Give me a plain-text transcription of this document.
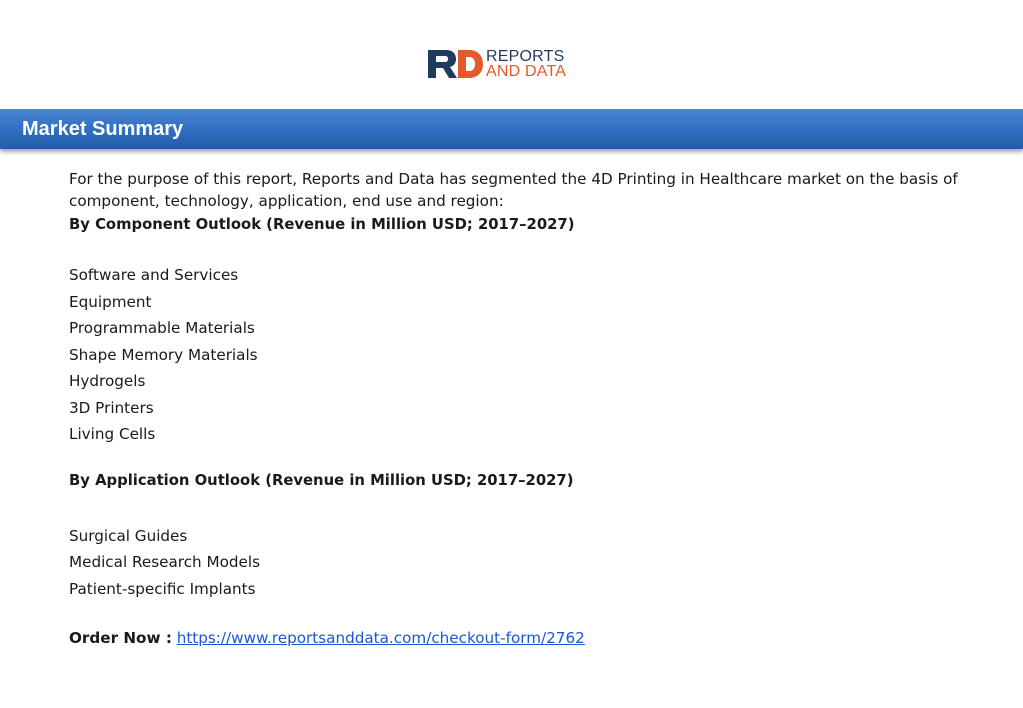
REPORTS
AND DATA
Market Summary

For the purpose of this report, Reports and Data has segmented the 4D Printing in Healthcare market on the basis of component, technology, application, end use and region:

By Component Outlook (Revenue in Million USD; 2017–2027)

Software and Services
Equipment
Programmable Materials
Shape Memory Materials
Hydrogels
3D Printers
Living Cells

By Application Outlook (Revenue in Million USD; 2017–2027)

Surgical Guides
Medical Research Models
Patient-specific Implants
Order Now : https://www.reportsanddata.com/checkout-form/2762
